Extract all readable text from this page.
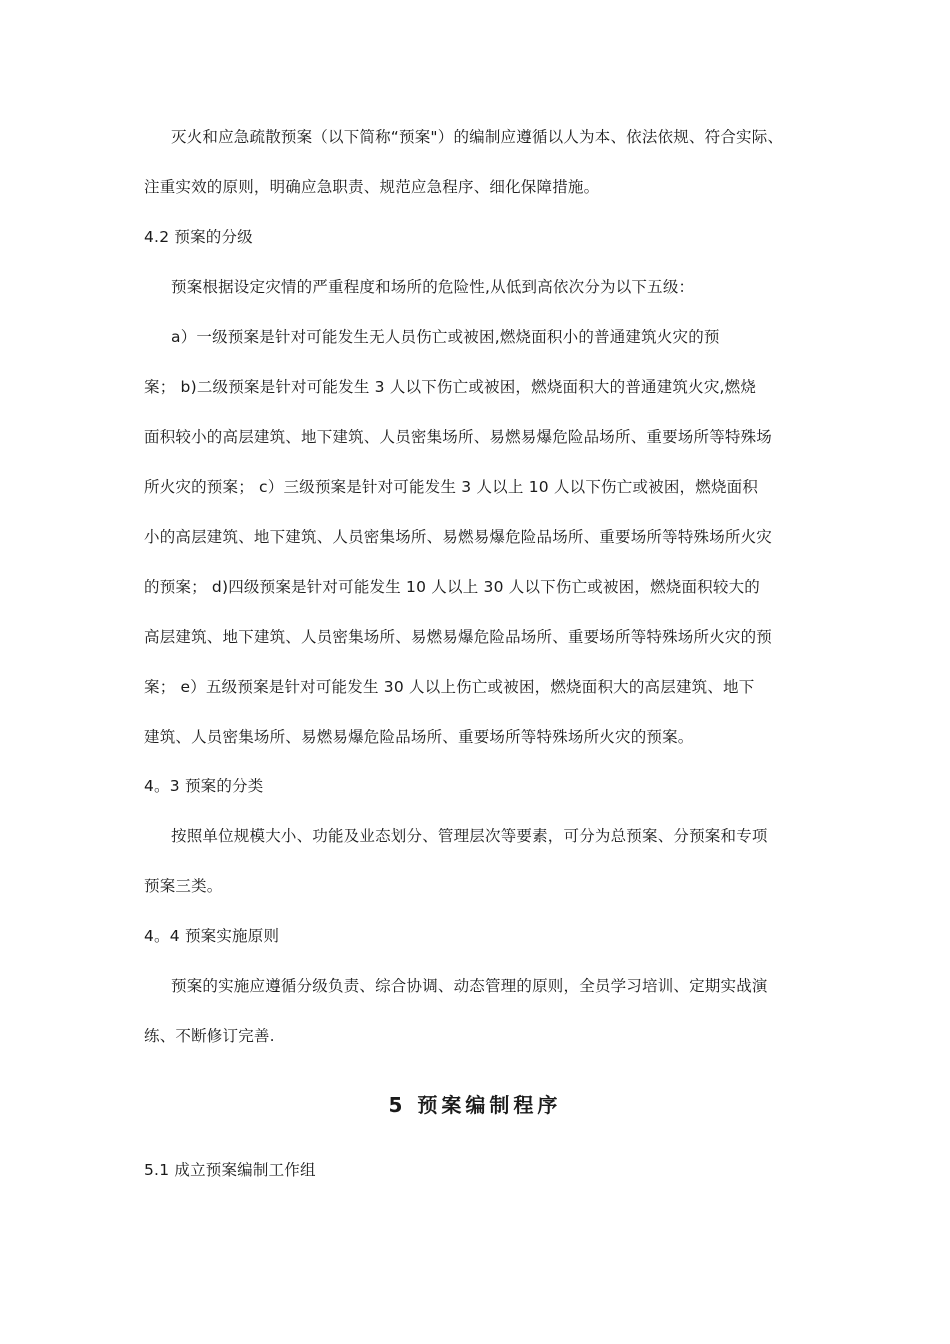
灭火和应急疏散预案（以下简称“预案"）的编制应遵循以人为本、依法依规、符合实际、
注重实效的原则，明确应急职责、规范应急程序、细化保障措施。
4.2 预案的分级
预案根据设定灾情的严重程度和场所的危险性,从低到高依次分为以下五级：
a）一级预案是针对可能发生无人员伤亡或被困,燃烧面积小的普通建筑火灾的预
案； b)二级预案是针对可能发生 3 人以下伤亡或被困，燃烧面积大的普通建筑火灾,燃烧
面积较小的高层建筑、地下建筑、人员密集场所、易燃易爆危险品场所、重要场所等特殊场
所火灾的预案； c）三级预案是针对可能发生 3 人以上 10 人以下伤亡或被困，燃烧面积
小的高层建筑、地下建筑、人员密集场所、易燃易爆危险品场所、重要场所等特殊场所火灾
的预案； d)四级预案是针对可能发生 10 人以上 30 人以下伤亡或被困，燃烧面积较大的
高层建筑、地下建筑、人员密集场所、易燃易爆危险品场所、重要场所等特殊场所火灾的预
案； e）五级预案是针对可能发生 30 人以上伤亡或被困，燃烧面积大的高层建筑、地下
建筑、人员密集场所、易燃易爆危险品场所、重要场所等特殊场所火灾的预案。
4。3 预案的分类
按照单位规模大小、功能及业态划分、管理层次等要素，可分为总预案、分预案和专项
预案三类。
4。4 预案实施原则
预案的实施应遵循分级负责、综合协调、动态管理的原则，全员学习培训、定期实战演
练、不断修订完善.
5 预案编制程序
5.1 成立预案编制工作组
